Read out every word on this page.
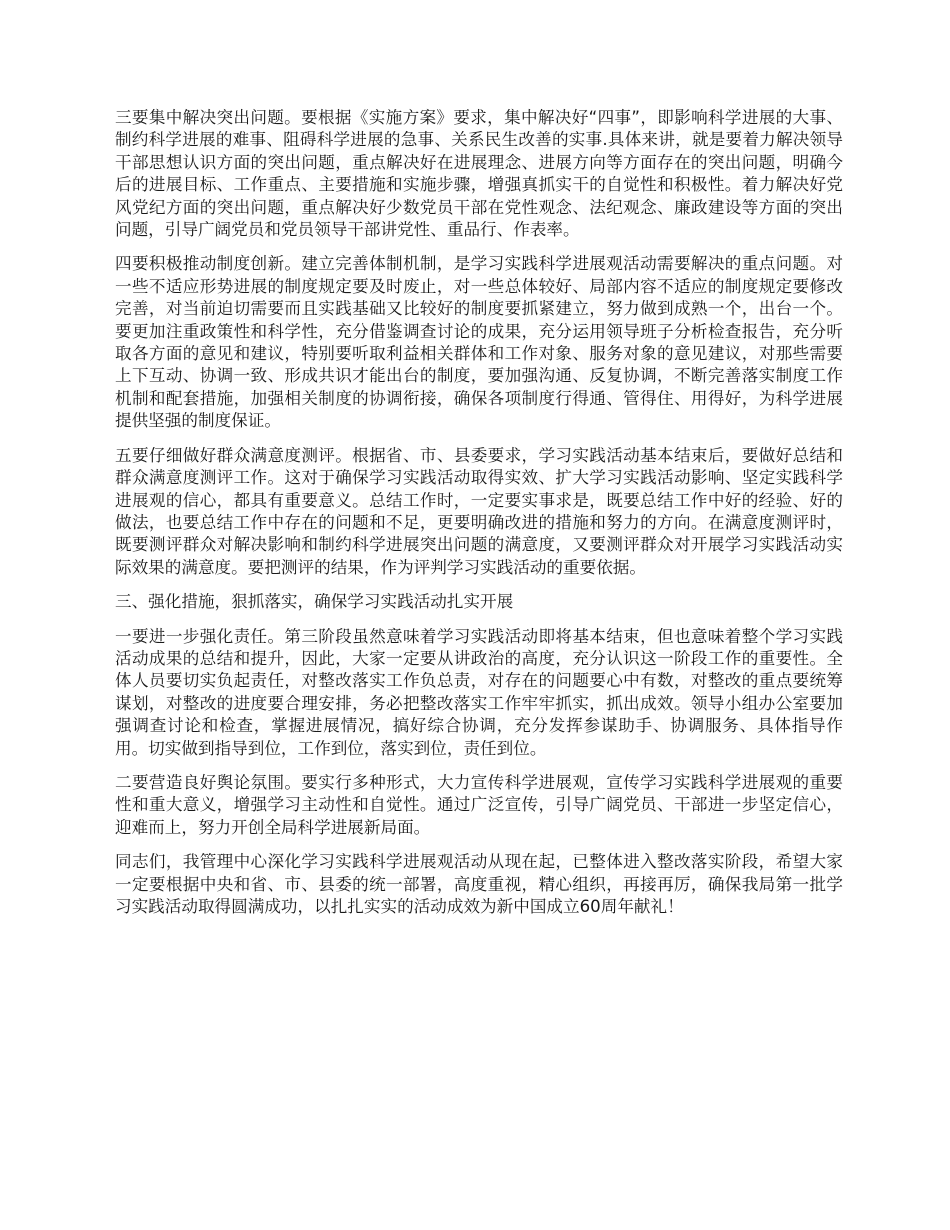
三要集中解决突出问题。要根据《实施方案》要求，集中解决好“四事”，即影响科学进展的大事、制约科学进展的难事、阻碍科学进展的急事、关系民生改善的实事.具体来讲，就是要着力解决领导干部思想认识方面的突出问题，重点解决好在进展理念、进展方向等方面存在的突出问题，明确今后的进展目标、工作重点、主要措施和实施步骤，增强真抓实干的自觉性和积极性。着力解决好党风党纪方面的突出问题，重点解决好少数党员干部在党性观念、法纪观念、廉政建设等方面的突出问题，引导广阔党员和党员领导干部讲党性、重品行、作表率。

四要积极推动制度创新。建立完善体制机制，是学习实践科学进展观活动需要解决的重点问题。对一些不适应形势进展的制度规定要及时废止，对一些总体较好、局部内容不适应的制度规定要修改完善，对当前迫切需要而且实践基础又比较好的制度要抓紧建立，努力做到成熟一个，出台一个。要更加注重政策性和科学性，充分借鉴调查讨论的成果，充分运用领导班子分析检查报告，充分听取各方面的意见和建议，特别要听取利益相关群体和工作对象、服务对象的意见建议，对那些需要上下互动、协调一致、形成共识才能出台的制度，要加强沟通、反复协调，不断完善落实制度工作机制和配套措施，加强相关制度的协调衔接，确保各项制度行得通、管得住、用得好，为科学进展提供坚强的制度保证。

五要仔细做好群众满意度测评。根据省、市、县委要求，学习实践活动基本结束后，要做好总结和群众满意度测评工作。这对于确保学习实践活动取得实效、扩大学习实践活动影响、坚定实践科学进展观的信心，都具有重要意义。总结工作时，一定要实事求是，既要总结工作中好的经验、好的做法，也要总结工作中存在的问题和不足，更要明确改进的措施和努力的方向。在满意度测评时，既要测评群众对解决影响和制约科学进展突出问题的满意度，又要测评群众对开展学习实践活动实际效果的满意度。要把测评的结果，作为评判学习实践活动的重要依据。

三、强化措施，狠抓落实，确保学习实践活动扎实开展

一要进一步强化责任。第三阶段虽然意味着学习实践活动即将基本结束，但也意味着整个学习实践活动成果的总结和提升，因此，大家一定要从讲政治的高度，充分认识这一阶段工作的重要性。全体人员要切实负起责任，对整改落实工作负总责，对存在的问题要心中有数，对整改的重点要统筹谋划，对整改的进度要合理安排，务必把整改落实工作牢牢抓实，抓出成效。领导小组办公室要加强调查讨论和检查，掌握进展情况，搞好综合协调，充分发挥参谋助手、协调服务、具体指导作用。切实做到指导到位，工作到位，落实到位，责任到位。

二要营造良好舆论氛围。要实行多种形式，大力宣传科学进展观，宣传学习实践科学进展观的重要性和重大意义，增强学习主动性和自觉性。通过广泛宣传，引导广阔党员、干部进一步坚定信心，迎难而上，努力开创全局科学进展新局面。

同志们，我管理中心深化学习实践科学进展观活动从现在起，已整体进入整改落实阶段，希望大家一定要根据中央和省、市、县委的统一部署，高度重视，精心组织，再接再厉，确保我局第一批学习实践活动取得圆满成功，以扎扎实实的活动成效为新中国成立60周年献礼！
